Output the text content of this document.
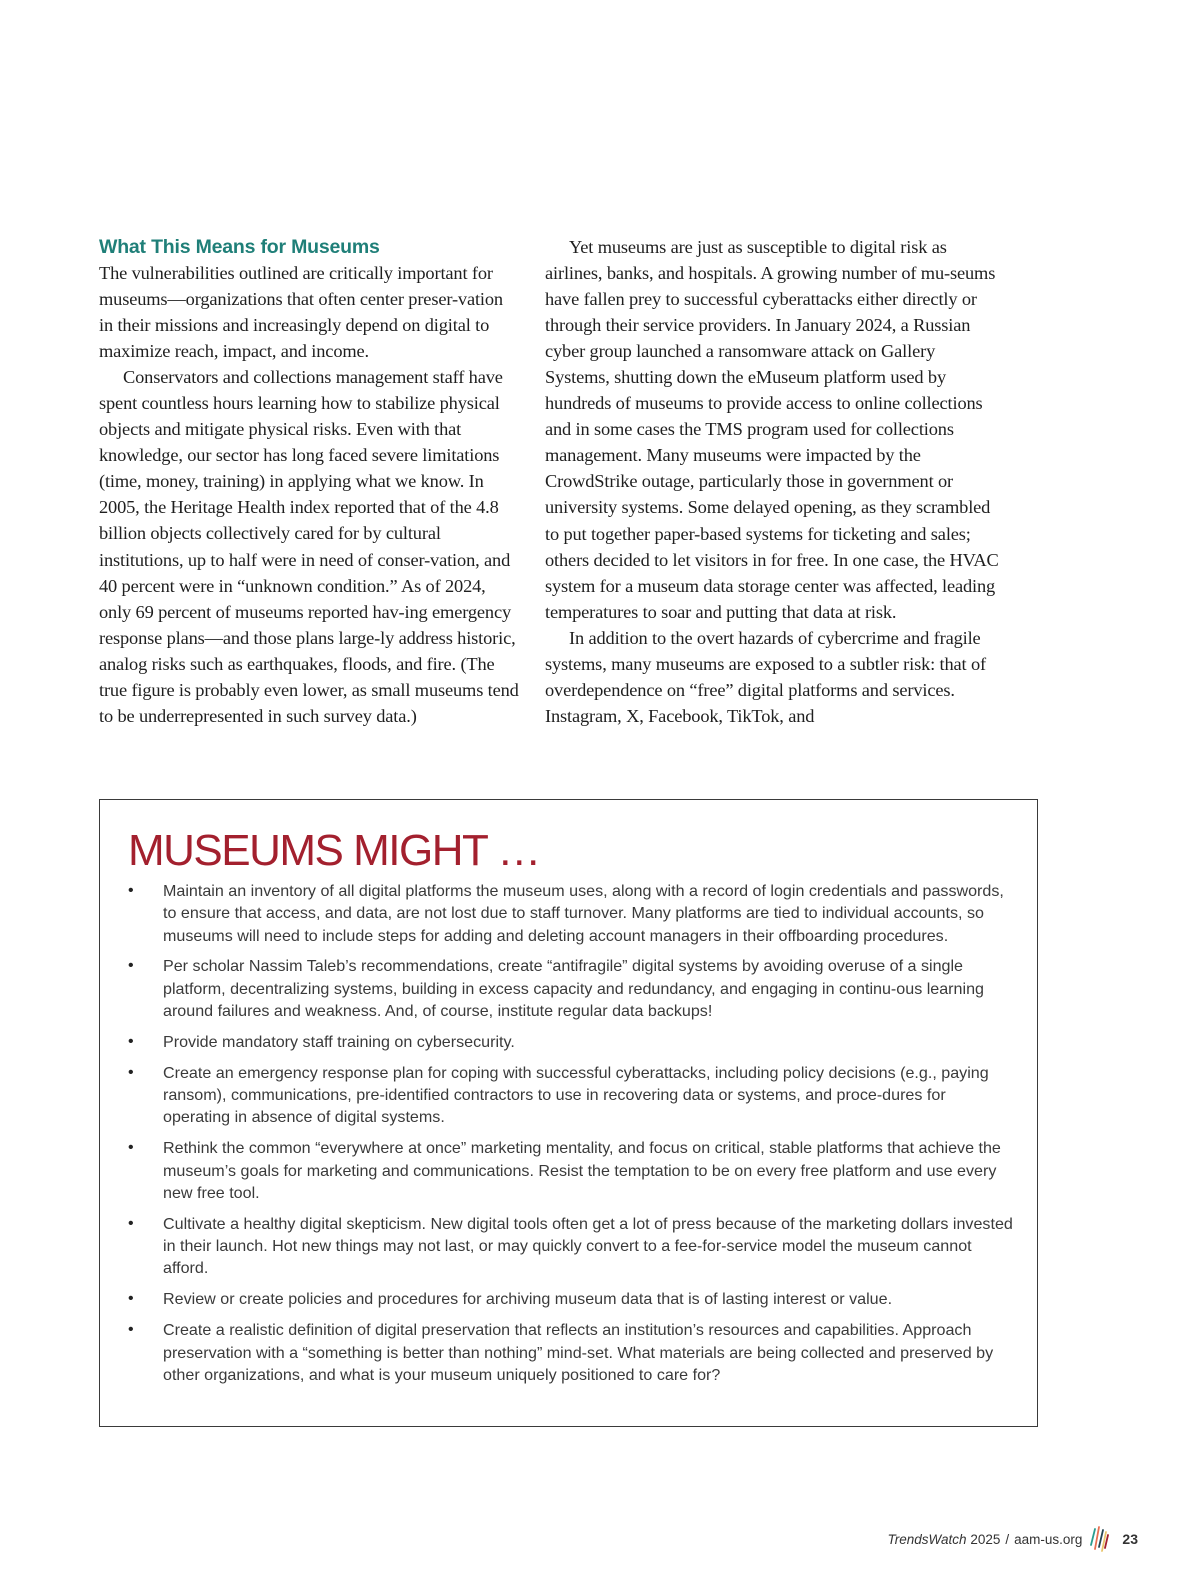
What This Means for Museums

The vulnerabilities outlined are critically important for museums—organizations that often center preser-vation in their missions and increasingly depend on digital to maximize reach, impact, and income.

Conservators and collections management staff have spent countless hours learning how to stabilize physical objects and mitigate physical risks. Even with that knowledge, our sector has long faced severe limitations (time, money, training) in applying what we know. In 2005, the Heritage Health index reported that of the 4.8 billion objects collectively cared for by cultural institutions, up to half were in need of conser-vation, and 40 percent were in “unknown condition.” As of 2024, only 69 percent of museums reported hav-ing emergency response plans—and those plans large-ly address historic, analog risks such as earthquakes, floods, and fire. (The true figure is probably even lower, as small museums tend to be underrepresented in such survey data.)

Yet museums are just as susceptible to digital risk as airlines, banks, and hospitals. A growing number of mu-seums have fallen prey to successful cyberattacks either directly or through their service providers. In January 2024, a Russian cyber group launched a ransomware attack on Gallery Systems, shutting down the eMuseum platform used by hundreds of museums to provide access to online collections and in some cases the TMS program used for collections management. Many museums were impacted by the CrowdStrike outage, particularly those in government or university systems. Some delayed opening, as they scrambled to put together paper-based systems for ticketing and sales; others decided to let visitors in for free. In one case, the HVAC system for a museum data storage center was affected, leading temperatures to soar and putting that data at risk.

In addition to the overt hazards of cybercrime and fragile systems, many museums are exposed to a subtler risk: that of overdependence on “free” digital platforms and services. Instagram, X, Facebook, TikTok, and

MUSEUMS MIGHT …
• Maintain an inventory of all digital platforms the museum uses, along with a record of login credentials and passwords, to ensure that access, and data, are not lost due to staff turnover. Many platforms are tied to individual accounts, so museums will need to include steps for adding and deleting account managers in their offboarding procedures.
• Per scholar Nassim Taleb’s recommendations, create “antifragile” digital systems by avoiding overuse of a single platform, decentralizing systems, building in excess capacity and redundancy, and engaging in continu-ous learning around failures and weakness. And, of course, institute regular data backups!
• Provide mandatory staff training on cybersecurity.
• Create an emergency response plan for coping with successful cyberattacks, including policy decisions (e.g., paying ransom), communications, pre-identified contractors to use in recovering data or systems, and proce-dures for operating in absence of digital systems.
• Rethink the common “everywhere at once” marketing mentality, and focus on critical, stable platforms that achieve the museum’s goals for marketing and communications. Resist the temptation to be on every free platform and use every new free tool.
• Cultivate a healthy digital skepticism. New digital tools often get a lot of press because of the marketing dollars invested in their launch. Hot new things may not last, or may quickly convert to a fee-for-service model the museum cannot afford.
• Review or create policies and procedures for archiving museum data that is of lasting interest or value.
• Create a realistic definition of digital preservation that reflects an institution’s resources and capabilities. Approach preservation with a “something is better than nothing” mind-set. What materials are being collected and preserved by other organizations, and what is your museum uniquely positioned to care for?
TrendsWatch
2025 / aam-us.org	23
